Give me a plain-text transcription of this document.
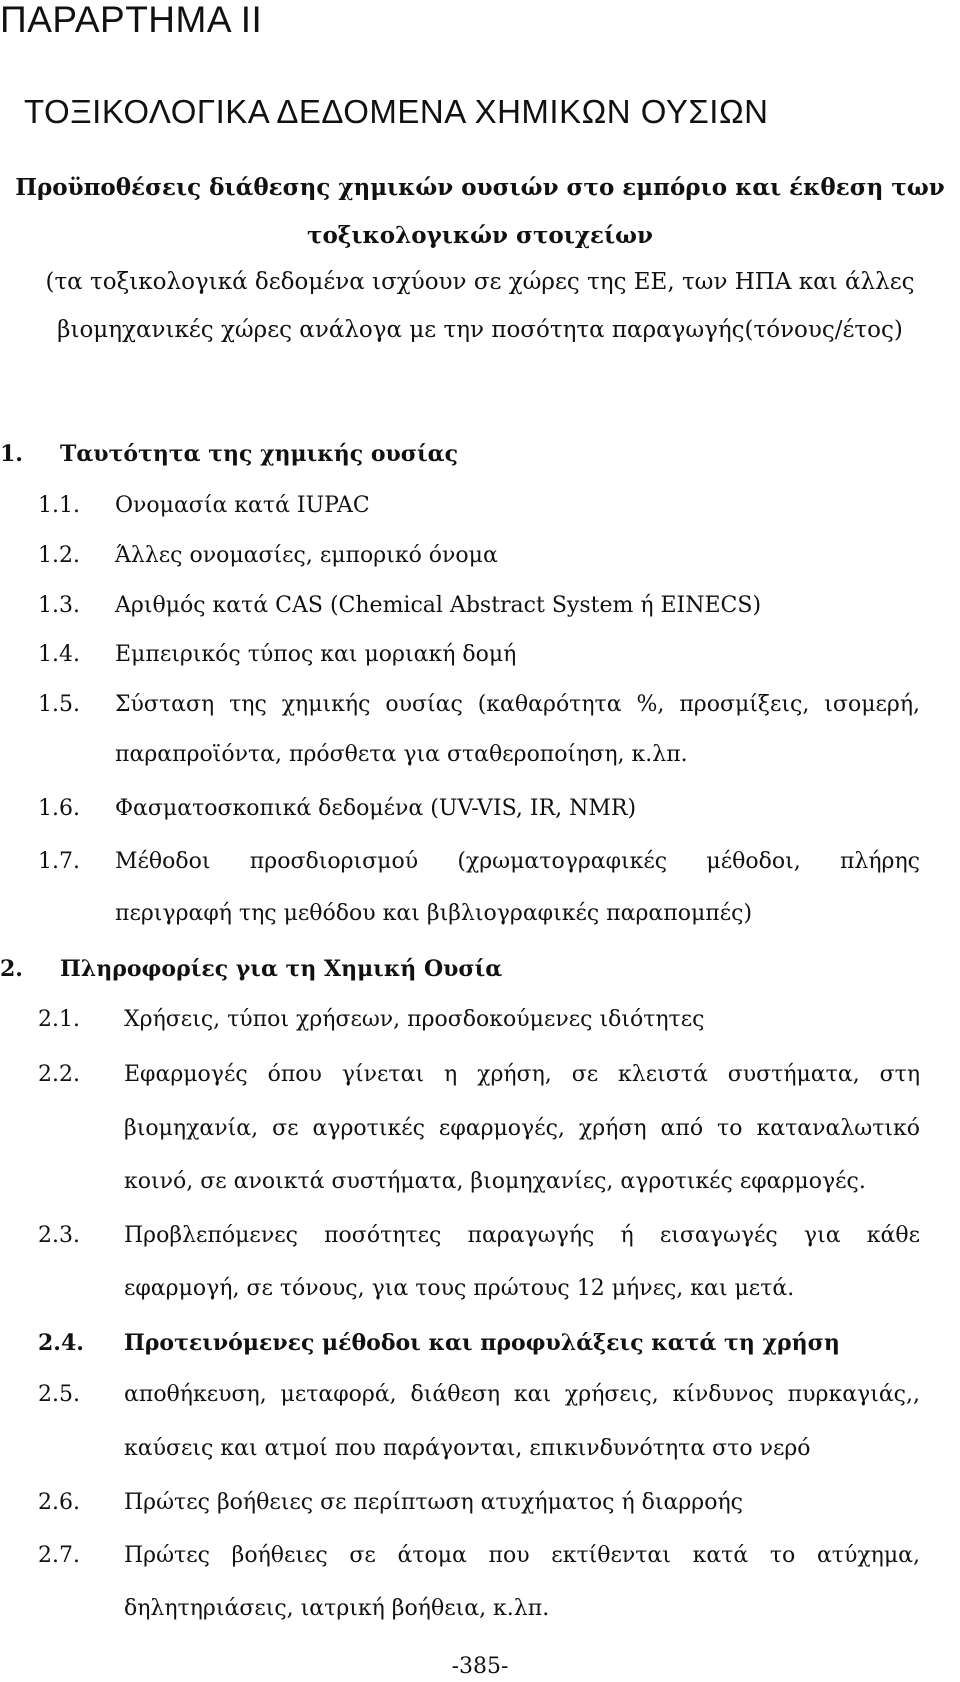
ΠΑΡΑΡΤΗΜΑ ΙΙ
ΤΟΞΙΚΟΛΟΓΙΚΑ ΔΕΔΟΜΕΝΑ ΧΗΜΙΚΩΝ ΟΥΣΙΩΝ
Προϋποθέσεις διάθεσης χημικών ουσιών στο εμπόριο και έκθεση των
τοξικολογικών στοιχείων
(τα τοξικολογικά δεδομένα ισχύουν σε χώρες της ΕΕ, των ΗΠΑ και άλλες
βιομηχανικές χώρες ανάλογα με την ποσότητα παραγωγής(τόνους/έτος)
1. Ταυτότητα της χημικής ουσίας
1.1. Ονομασία κατά IUPAC
1.2. Άλλες ονομασίες, εμπορικό όνομα
1.3. Αριθμός κατά CAS (Chemical Abstract System ή EINECS)
1.4. Εμπειρικός τύπος και μοριακή δομή
1.5. Σύσταση της χημικής ουσίας (καθαρότητα %, προσμίξεις, ισομερή,
παραπροϊόντα, πρόσθετα για σταθεροποίηση, κ.λπ.
1.6. Φασματοσκοπικά δεδομένα (UV-VIS, IR, NMR)
1.7. Μέθοδοι προσδιορισμού (χρωματογραφικές μέθοδοι, πλήρης
περιγραφή της μεθόδου και βιβλιογραφικές παραπομπές)
2. Πληροφορίες για τη Χημική Ουσία
2.1. Χρήσεις, τύποι χρήσεων, προσδοκούμενες ιδιότητες
2.2. Εφαρμογές όπου γίνεται η χρήση, σε κλειστά συστήματα, στη
βιομηχανία, σε αγροτικές εφαρμογές, χρήση από το καταναλωτικό
κοινό, σε ανοικτά συστήματα, βιομηχανίες, αγροτικές εφαρμογές.
2.3. Προβλεπόμενες ποσότητες παραγωγής ή εισαγωγές για κάθε
εφαρμογή, σε τόνους, για τους πρώτους 12 μήνες, και μετά.
2.4. Προτεινόμενες μέθοδοι και προφυλάξεις κατά τη χρήση
2.5. αποθήκευση, μεταφορά, διάθεση και χρήσεις, κίνδυνος πυρκαγιάς,,
καύσεις και ατμοί που παράγονται, επικινδυνότητα στο νερό
2.6. Πρώτες βοήθειες σε περίπτωση ατυχήματος ή διαρροής
2.7. Πρώτες βοήθειες σε άτομα που εκτίθενται κατά το ατύχημα,
δηλητηριάσεις, ιατρική βοήθεια, κ.λπ.
-385-
